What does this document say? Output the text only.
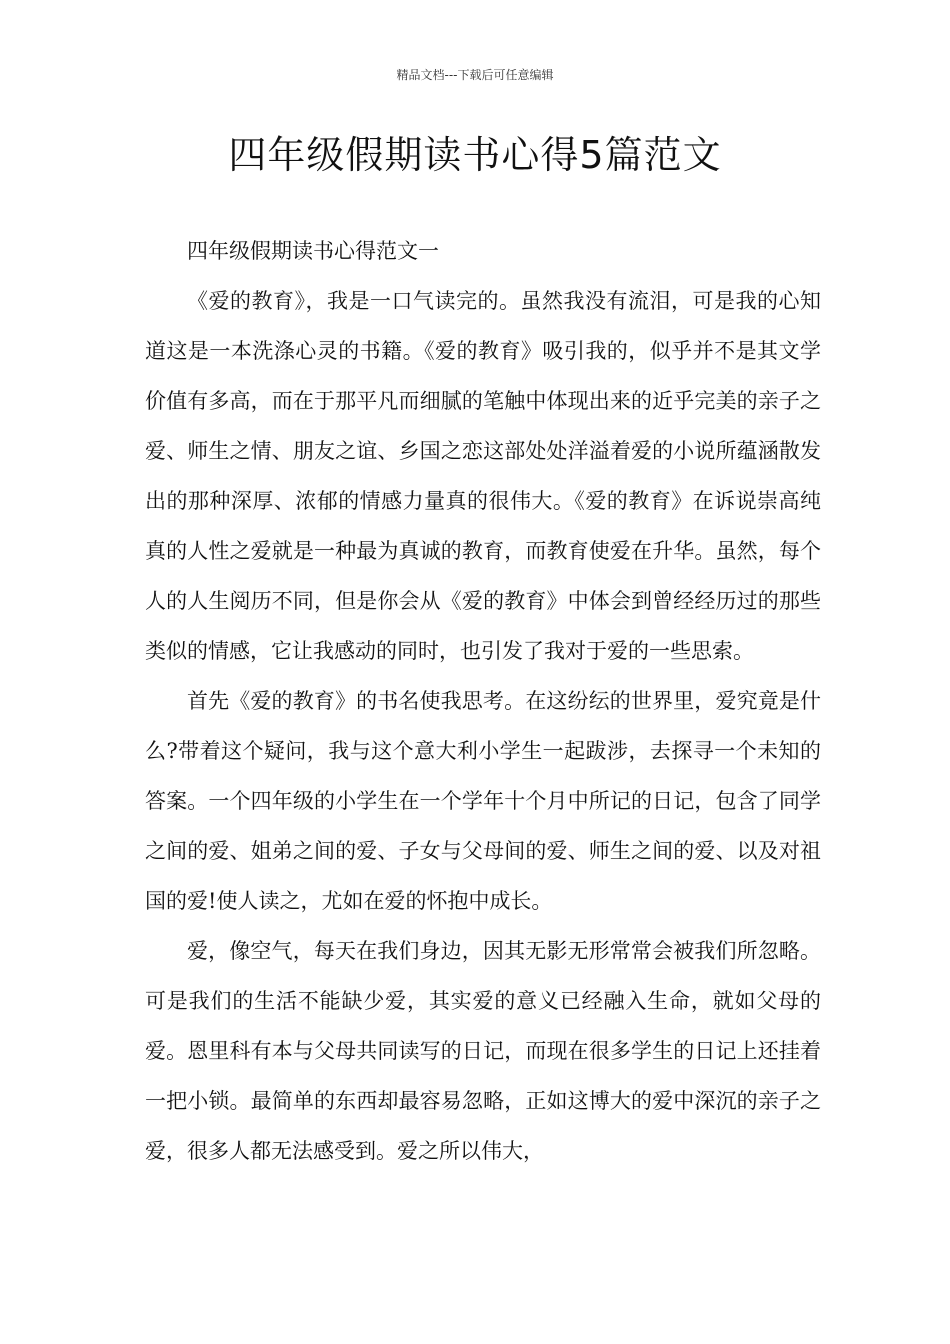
精品文档---下载后可任意编辑
四年级假期读书心得5篇范文

四年级假期读书心得范文一

《爱的教育》，我是一口气读完的。虽然我没有流泪，可是我的心知道这是一本洗涤心灵的书籍。《爱的教育》吸引我的，似乎并不是其文学价值有多高，而在于那平凡而细腻的笔触中体现出来的近乎完美的亲子之爱、师生之情、朋友之谊、乡国之恋这部处处洋溢着爱的小说所蕴涵散发出的那种深厚、浓郁的情感力量真的很伟大。《爱的教育》在诉说崇高纯真的人性之爱就是一种最为真诚的教育，而教育使爱在升华。虽然，每个人的人生阅历不同，但是你会从《爱的教育》中体会到曾经经历过的那些类似的情感，它让我感动的同时，也引发了我对于爱的一些思索。

首先《爱的教育》的书名使我思考。在这纷纭的世界里，爱究竟是什么?带着这个疑问，我与这个意大利小学生一起跋涉，去探寻一个未知的答案。一个四年级的小学生在一个学年十个月中所记的日记，包含了同学之间的爱、姐弟之间的爱、子女与父母间的爱、师生之间的爱、以及对祖国的爱!使人读之，尤如在爱的怀抱中成长。

爱，像空气，每天在我们身边，因其无影无形常常会被我们所忽略。可是我们的生活不能缺少爱，其实爱的意义已经融入生命，就如父母的爱。恩里科有本与父母共同读写的日记，而现在很多学生的日记上还挂着一把小锁。最简单的东西却最容易忽略，正如这博大的爱中深沉的亲子之爱，很多人都无法感受到。爱之所以伟大，
